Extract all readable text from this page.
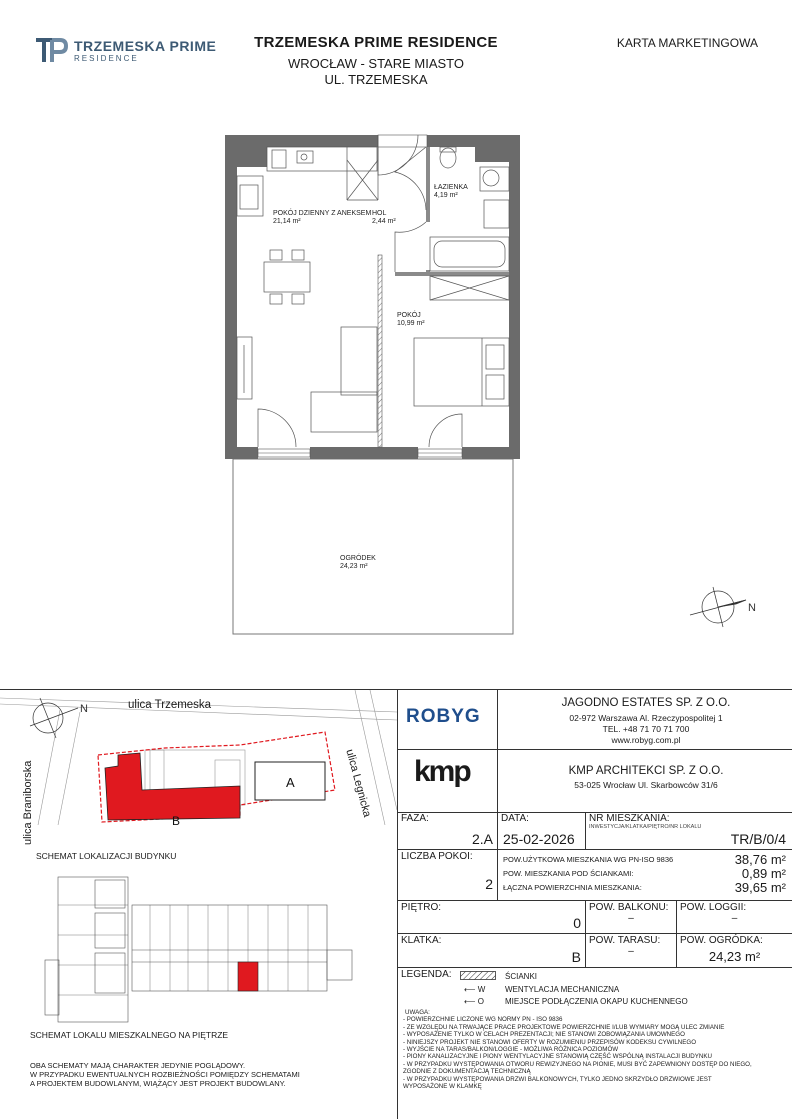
TRZEMESKA PRIME
RESIDENCE
TRZEMESKA PRIME RESIDENCE
WROCŁAW - STARE MIASTO
UL. TRZEMESKA
KARTA MARKETINGOWA
N
POKÓJ DZIENNY Z ANEKSEM
21,14 m²
HOL
2,44 m²
ŁAZIENKA
4,19 m²
POKÓJ
10,99 m²
OGRÓDEK
24,23 m²
N
B
A
ulica Trzemeska
ulica Braniborska	ulica Legnicka
SCHEMAT LOKALIZACJI BUDYNKU
SCHEMAT LOKALU MIESZKALNEGO NA PIĘTRZE
OBA SCHEMATY MAJĄ CHARAKTER JEDYNIE POGLĄDOWY.
W PRZYPADKU EWENTUALNYCH ROZBIEŻNOŚCI POMIĘDZY SCHEMATAMI
A PROJEKTEM BUDOWLANYM, WIĄŻĄCY JEST PROJEKT BUDOWLANY.
ROBYG
kmp
JAGODNO ESTATES SP. Z O.O.
02-972 Warszawa Al. Rzeczypospolitej 1
TEL. +48 71 70 71 700
www.robyg.com.pl
KMP ARCHITEKCI SP. Z O.O.
53-025 Wrocław Ul. Skarbowców 31/6
FAZA:
2.A
DATA:
25-02-2026
NR MIESZKANIA:
INWESTYCJA/KLATKA/PIĘTRO/NR LOKALU
TR/B/0/4
LICZBA POKOI:
2
POW.UŻYTKOWA MIESZKANIA WG PN-ISO 9836	38,76 m²
POW. MIESZKANIA POD ŚCIANKAMI:	0,89 m²
ŁĄCZNA POWIERZCHNIA MIESZKANIA:	39,65 m²
PIĘTRO:
0
POW. BALKONU:
–
POW. LOGGII:
–
KLATKA:
B
POW. TARASU:
–
POW. OGRÓDKA:
24,23 m²
LEGENDA:	ŚCIANKI
⟵ W WENTYLACJA MECHANICZNA
⟵ O	MIEJSCE PODŁĄCZENIA OKAPU KUCHENNEGO
UWAGA:
- POWIERZCHNIE LICZONE WG NORMY PN - ISO 9836
- ZE WZGLĘDU NA TRWAJĄCE PRACE PROJEKTOWE POWIERZCHNIE I/LUB WYMIARY MOGĄ ULEC ZMIANIE
- WYPOSAŻENIE TYLKO W CELACH PREZENTACJI; NIE STANOWI ZOBOWIĄZANIA UMOWNEGO
- NINIEJSZY PROJEKT NIE STANOWI OFERTY W ROZUMIENIU PRZEPISÓW KODEKSU CYWILNEGO
- WYJŚCIE NA TARAS/BALKON/LOGGIE - MOŻLIWA RÓŻNICA POZIOMÓW
- PIONY KANALIZACYJNE I PIONY WENTYLACYJNE STANOWIĄ CZĘŚĆ WSPÓLNĄ INSTALACJI BUDYNKU
- W PRZYPADKU WYSTĘPOWANIA OTWORU REWIZYJNEGO NA PIONIE, MUSI BYĆ ZAPEWNIONY DOSTĘP DO NIEGO,
ZGODNIE Z DOKUMENTACJĄ TECHNICZNĄ
- W PRZYPADKU WYSTĘPOWANIA DRZWI BALKONOWYCH, TYLKO JEDNO SKRZYDŁO DRZWIOWE JEST
WYPOSAŻONE W KLAMKĘ
